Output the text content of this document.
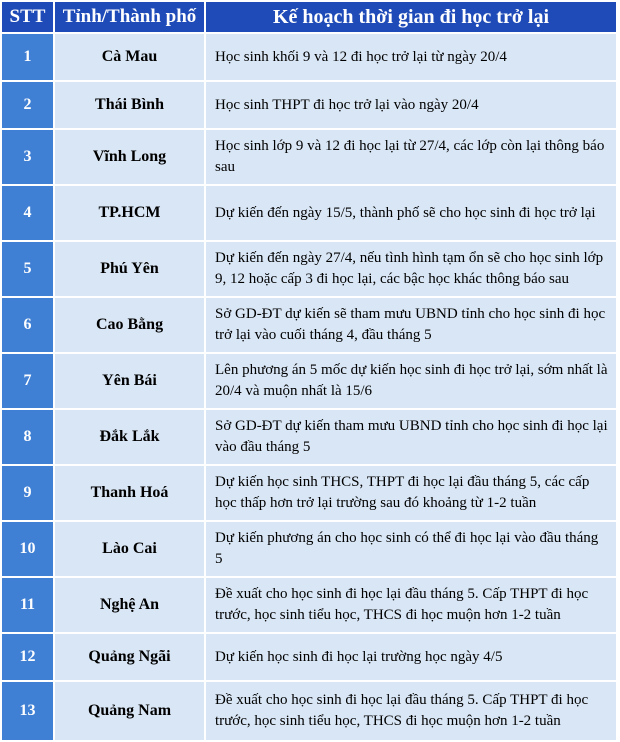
STT	Tỉnh/Thành phố	Kế hoạch thời gian đi học trở lại
1	Cà Mau	Học sinh khối 9 và 12 đi học trở lại từ ngày 20/4
2	Thái Bình	Học sinh THPT đi học trở lại vào ngày 20/4
3	Vĩnh Long	Học sinh lớp 9 và 12 đi học lại từ 27/4, các lớp còn lại thông báo sau
4	TP.HCM	Dự kiến đến ngày 15/5, thành phố sẽ cho học sinh đi học trở lại
5	Phú Yên	Dự kiến đến ngày 27/4, nếu tình hình tạm ổn sẽ cho học sinh lớp 9, 12 hoặc cấp 3 đi học lại, các bậc học khác thông báo sau
6	Cao Bằng	Sở GD-ĐT dự kiến sẽ tham mưu UBND tỉnh cho học sinh đi học trở lại vào cuối tháng 4, đầu tháng 5
7	Yên Bái	Lên phương án 5 mốc dự kiến học sinh đi học trở lại, sớm nhất là 20/4 và muộn nhất là 15/6
8	Đắk Lắk	Sở GD-ĐT dự kiến tham mưu UBND tỉnh cho học sinh đi học lại vào đầu tháng 5
9	Thanh Hoá	Dự kiến học sinh THCS, THPT đi học lại đầu tháng 5, các cấp học thấp hơn trở lại trường sau đó khoảng từ 1-2 tuần
10	Lào Cai	Dự kiến phương án cho học sinh có thể đi học lại vào đầu tháng 5
11	Nghệ An	Đề xuất cho học sinh đi học lại đầu tháng 5. Cấp THPT đi học trước, học sinh tiểu học, THCS đi học muộn hơn 1-2 tuần
12	Quảng Ngãi	Dự kiến học sinh đi học lại trường học ngày 4/5
13	Quảng Nam	Đề xuất cho học sinh đi học lại đầu tháng 5. Cấp THPT đi học trước, học sinh tiểu học, THCS đi học muộn hơn 1-2 tuần
